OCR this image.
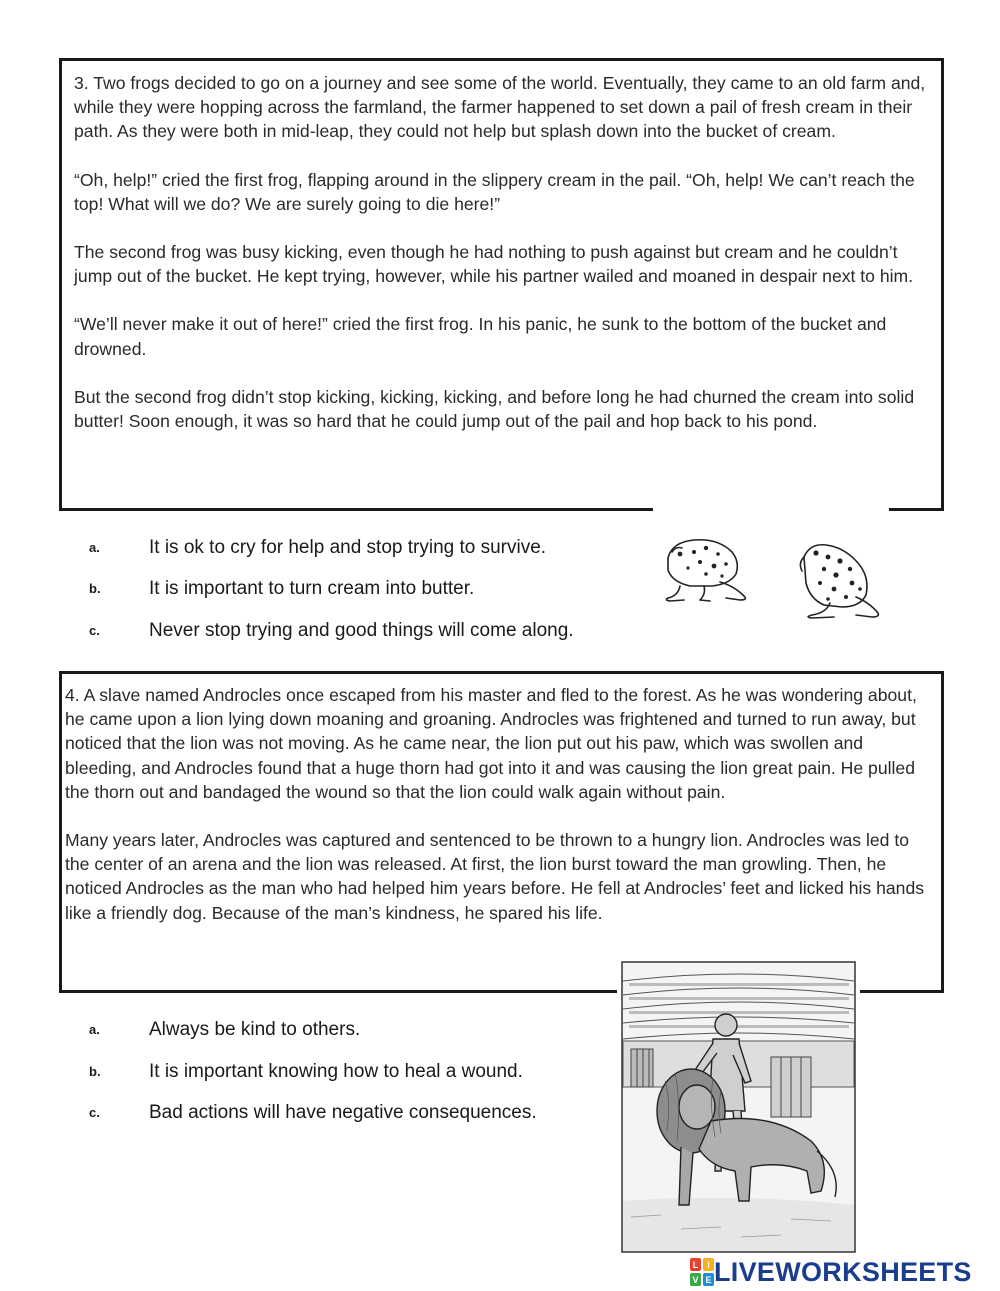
3. Two frogs decided to go on a journey and see some of the world. Eventually, they came to an old farm and, while they were hopping across the farmland, the farmer happened to set down a pail of fresh cream in their path. As they were both in mid-leap, they could not help but splash down into the bucket of cream.

“Oh, help!” cried the first frog, flapping around in the slippery cream in the pail. “Oh, help! We can’t reach the top! What will we do? We are surely going to die here!”

The second frog was busy kicking, even though he had nothing to push against but cream and he couldn’t jump out of the bucket. He kept trying, however, while his partner wailed and moaned in despair next to him.

“We’ll never make it out of here!” cried the first frog. In his panic, he sunk to the bottom of the bucket and drowned.

But the second frog didn’t stop kicking, kicking, kicking, and before long he had churned the cream into solid butter! Soon enough, it was so hard that he could jump out of the pail and hop back to his pond.

a.	It is ok to cry for help and stop trying to survive.
b.	It is important to turn cream into butter.
c.	Never stop trying and good things will come along.

4. A slave named Androcles once escaped from his master and fled to the forest. As he was wondering about, he came upon a lion lying down moaning and groaning. Androcles was frightened and turned to run away, but noticed that the lion was not moving. As he came near, the lion put out his paw, which was swollen and bleeding, and Androcles found that a huge thorn had got into it and was causing the lion great pain. He pulled the thorn out and bandaged the wound so that the lion could walk again without pain.

Many years later, Androcles was captured and sentenced to be thrown to a hungry lion. Androcles was led to the center of an arena and the lion was released. At first, the lion burst toward the man growling. Then, he noticed Androcles as the man who had helped him years before. He fell at Androcles’ feet and licked his hands like a friendly dog. Because of the man’s kindness, he spared his life.

a.	Always be kind to others.
b.	It is important knowing how to heal a wound.
c.	Bad actions will have negative consequences.
L I
V E LIVEWORKSHEETS
